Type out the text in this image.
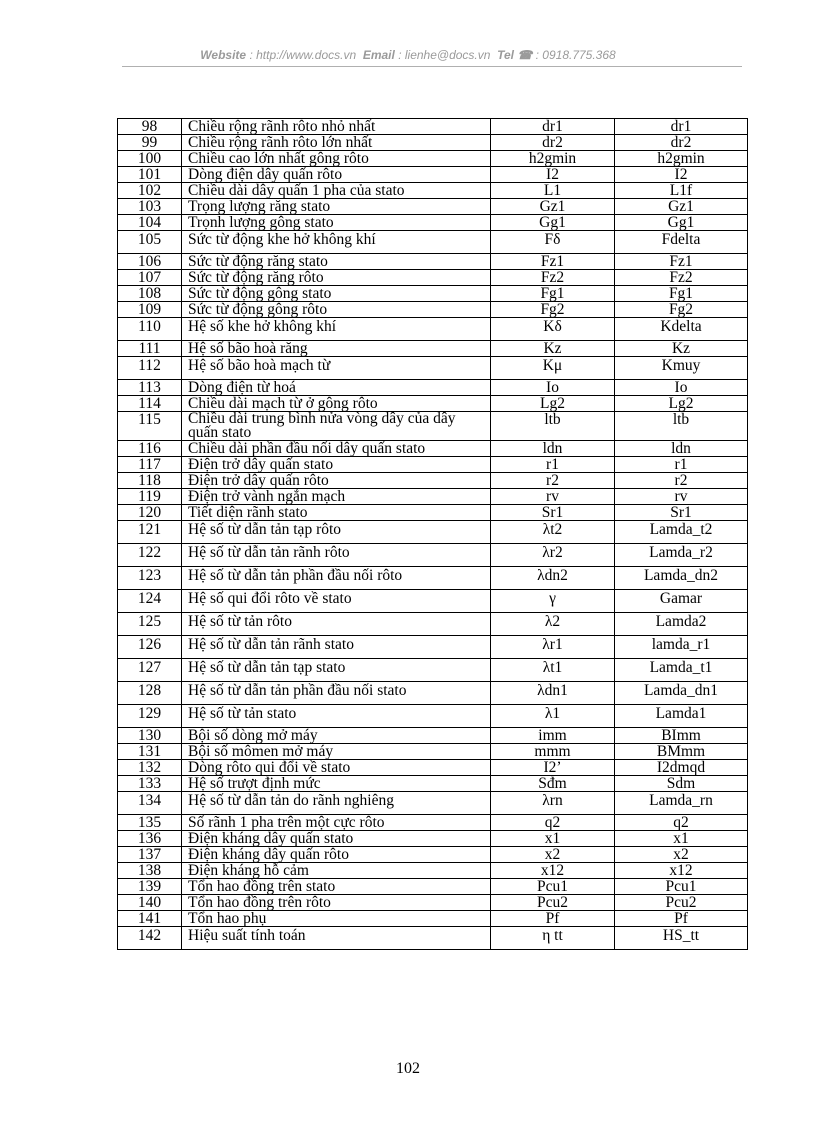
Website : http://www.docs.vn Email : lienhe@docs.vn Tel ☎ : 0918.775.368
98	Chiều rộng rãnh rôto nhỏ nhất	dr1	dr1
99	Chiều rộng rãnh rôto lớn nhất	dr2	dr2
100	Chiều cao lớn nhất gông rôto	h2gmin	h2gmin
101	Dòng điện dây quấn rôto	I2	I2
102	Chiều dài dây quấn 1 pha của stato	L1	L1f
103	Trọng lượng răng stato	Gz1	Gz1
104	Trọnh lượng gông stato	Gg1	Gg1
105	Sức từ động khe hở không khí	Fδ	Fdelta
106	Sức từ động răng stato	Fz1	Fz1
107	Sức từ động răng rôto	Fz2	Fz2
108	Sức từ động gông stato	Fg1	Fg1
109	Sức từ động gông rôto	Fg2	Fg2
110	Hệ số khe hở không khí	Kδ	Kdelta
111	Hệ số bão hoà răng	Kz	Kz
112	Hệ số bão hoà mạch từ	Kμ	Kmuy
113	Dòng điện từ hoá	Io	Io
114	Chiều dài mạch từ ở gông rôto	Lg2	Lg2
115	Chiều dài trung bình nửa vòng dây của dây quấn stato	ltb	ltb
116	Chiều dài phần đầu nối dây quấn stato	ldn	ldn
117	Điện trở dây quấn stato	r1	r1
118	Điện trở dây quấn rôto	r2	r2
119	Điện trở vành ngắn mạch	rv	rv
120	Tiết diện rãnh stato	Sr1	Sr1
121	Hệ số từ dẫn tản tạp rôto	λt2	Lamda_t2
122	Hệ số từ dẫn tản rãnh rôto	λr2	Lamda_r2
123	Hệ số từ dẫn tản phần đầu nối rôto	λdn2	Lamda_dn2
124	Hệ số qui đổi rôto về stato	γ	Gamar
125	Hệ số từ tản rôto	λ2	Lamda2
126	Hệ số từ dẫn tản rãnh stato	λr1	lamda_r1
127	Hệ số từ dẫn tản tạp stato	λt1	Lamda_t1
128	Hệ số từ dẫn tản phần đầu nối stato	λdn1	Lamda_dn1
129	Hệ số từ tản stato	λ1	Lamda1
130	Bội số dòng mở máy	imm	BImm
131	Bội số mômen mở máy	mmm	BMmm
132	Dòng rôto qui đổi về stato	I2’	I2dmqd
133	Hệ số trượt định mức	Sđm	Sdm
134	Hệ số từ dẫn tản do rãnh nghiêng	λrn	Lamda_rn
135	Số rãnh 1 pha trên một cực rôto	q2	q2
136	Điện kháng dây quấn stato	x1	x1
137	Điện kháng dây quấn rôto	x2	x2
138	Điện kháng hỗ cảm	x12	x12
139	Tổn hao đồng trên stato	Pcu1	Pcu1
140	Tổn hao đồng trên rôto	Pcu2	Pcu2
141	Tổn hao phụ	Pf	Pf
142	Hiệu suất tính toán	η tt	HS_tt
102
